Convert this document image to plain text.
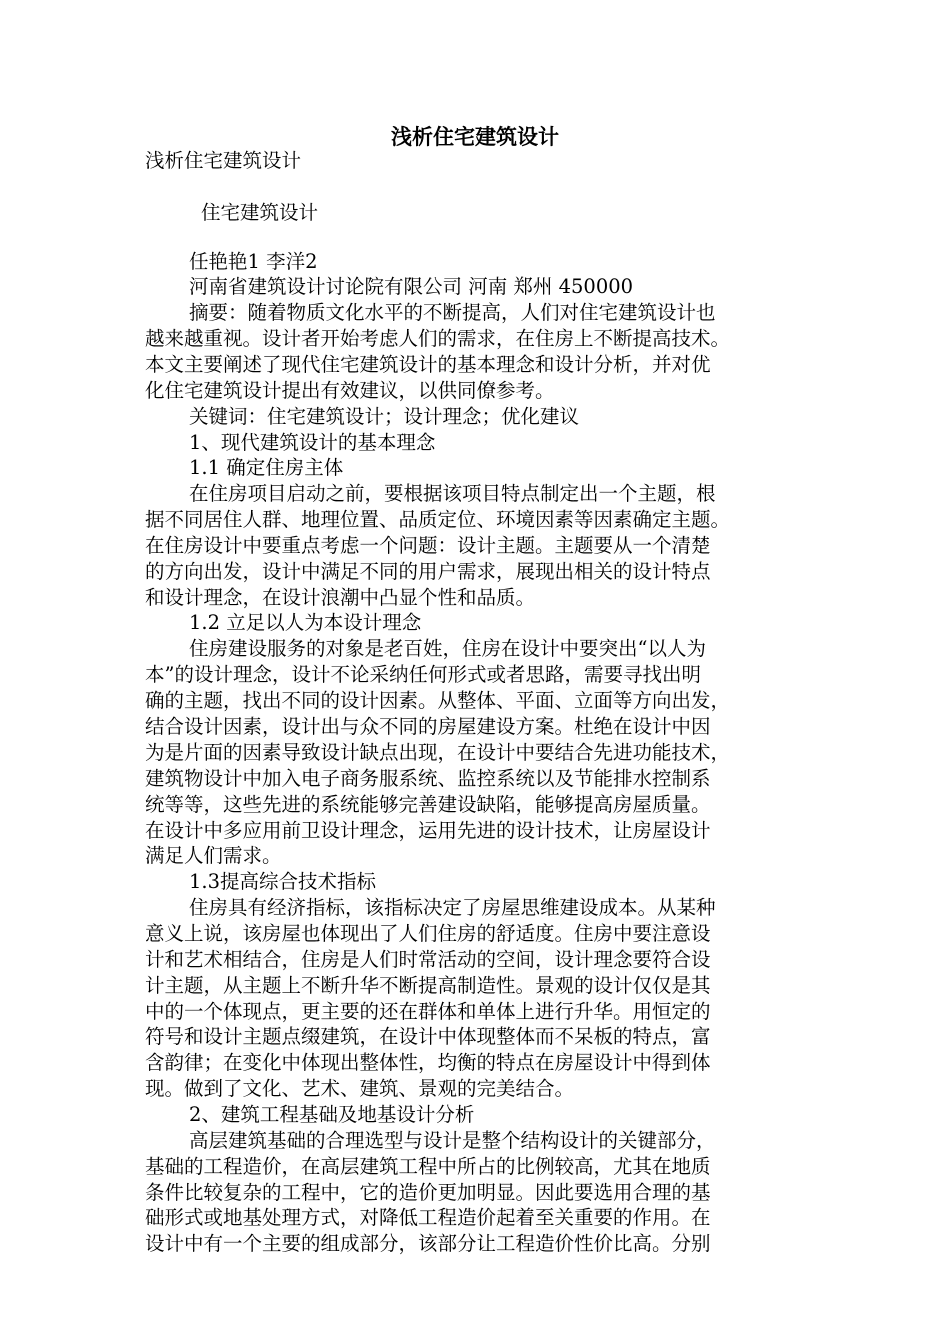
浅析住宅建筑设计

浅析住宅建筑设计

住宅建筑设计

任艳艳1 李洋2

河南省建筑设计讨论院有限公司 河南 郑州 450000

摘要：随着物质文化水平的不断提高，人们对住宅建筑设计也

越来越重视。设计者开始考虑人们的需求，在住房上不断提高技术。

本文主要阐述了现代住宅建筑设计的基本理念和设计分析，并对优

化住宅建筑设计提出有效建议，以供同僚参考。

关键词：住宅建筑设计；设计理念；优化建议

1、现代建筑设计的基本理念

1.1 确定住房主体

在住房项目启动之前，要根据该项目特点制定出一个主题，根

据不同居住人群、地理位置、品质定位、环境因素等因素确定主题。

在住房设计中要重点考虑一个问题：设计主题。主题要从一个清楚

的方向出发，设计中满足不同的用户需求，展现出相关的设计特点

和设计理念，在设计浪潮中凸显个性和品质。

1.2 立足以人为本设计理念

住房建设服务的对象是老百姓，住房在设计中要突出“以人为

本”的设计理念，设计不论采纳任何形式或者思路，需要寻找出明

确的主题，找出不同的设计因素。从整体、平面、立面等方向出发，

结合设计因素，设计出与众不同的房屋建设方案。杜绝在设计中因

为是片面的因素导致设计缺点出现，在设计中要结合先进功能技术，

建筑物设计中加入电子商务服系统、监控系统以及节能排水控制系

统等等，这些先进的系统能够完善建设缺陷，能够提高房屋质量。

在设计中多应用前卫设计理念，运用先进的设计技术，让房屋设计

满足人们需求。

1.3提高综合技术指标

住房具有经济指标，该指标决定了房屋思维建设成本。从某种

意义上说，该房屋也体现出了人们住房的舒适度。住房中要注意设

计和艺术相结合，住房是人们时常活动的空间，设计理念要符合设

计主题，从主题上不断升华不断提高制造性。景观的设计仅仅是其

中的一个体现点，更主要的还在群体和单体上进行升华。用恒定的

符号和设计主题点缀建筑，在设计中体现整体而不呆板的特点，富

含韵律；在变化中体现出整体性，均衡的特点在房屋设计中得到体

现。做到了文化、艺术、建筑、景观的完美结合。

2、建筑工程基础及地基设计分析

高层建筑基础的合理选型与设计是整个结构设计的关键部分，

基础的工程造价，在高层建筑工程中所占的比例较高，尤其在地质

条件比较复杂的工程中，它的造价更加明显。因此要选用合理的基

础形式或地基处理方式，对降低工程造价起着至关重要的作用。在

设计中有一个主要的组成部分，该部分让工程造价性价比高。分别
